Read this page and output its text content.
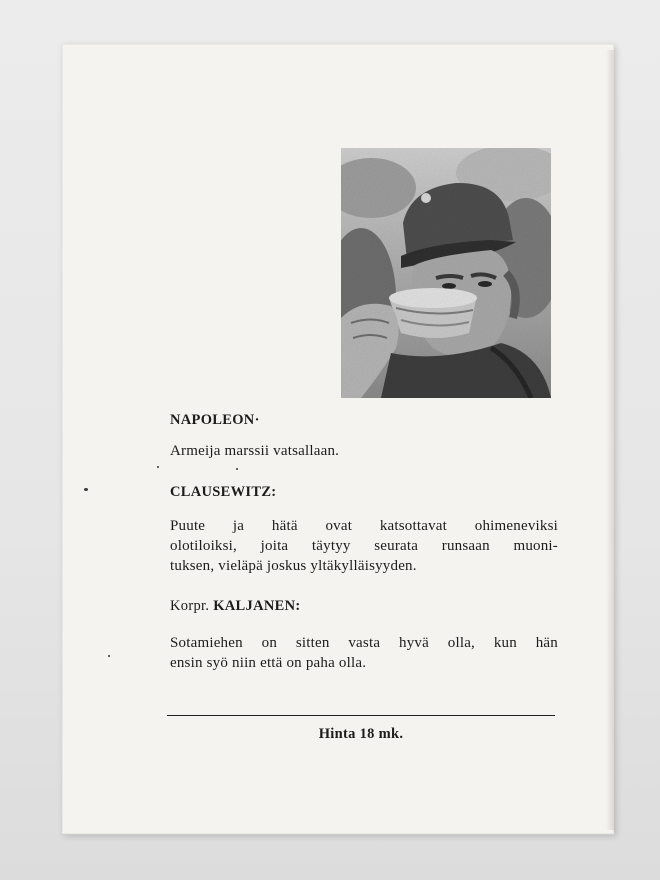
NAPOLEON·
Armeija marssii vatsallaan.
CLAUSEWITZ:
Puute ja hätä ovat katsottavat ohimeneviksi
olotiloiksi, joita täytyy seurata runsaan muoni-
tuksen, vieläpä joskus yltäkylläisyyden.
Korpr. KALJANEN:
Sotamiehen on sitten vasta hyvä olla, kun hän
ensin syö niin että on paha olla.
Hinta 18 mk.
